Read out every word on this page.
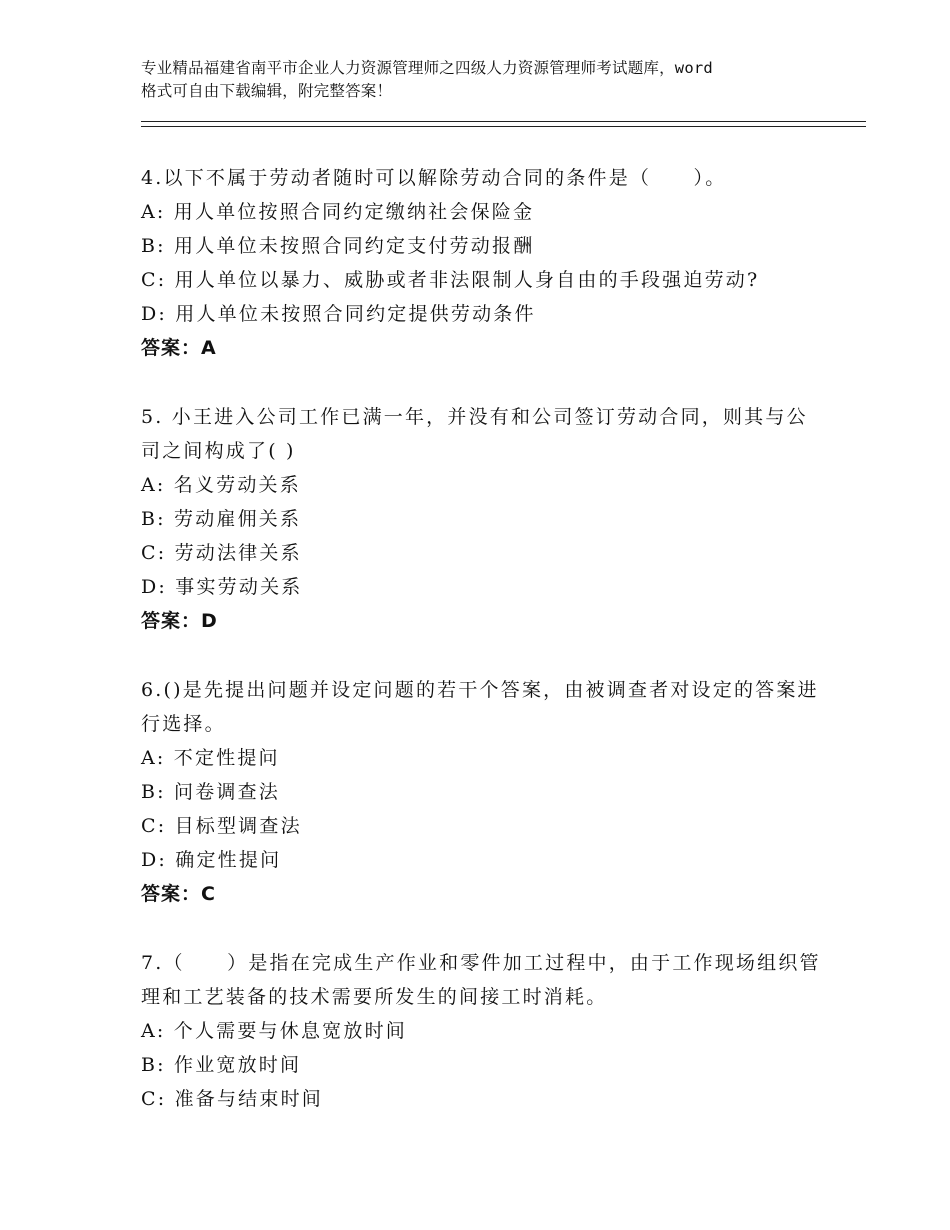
专业精品福建省南平市企业人力资源管理师之四级人力资源管理师考试题库，word
格式可自由下载编辑，附完整答案！
4.以下不属于劳动者随时可以解除劳动合同的条件是（　　）。
A: 用人单位按照合同约定缴纳社会保险金
B: 用人单位未按照合同约定支付劳动报酬
C: 用人单位以暴力、威胁或者非法限制人身自由的手段强迫劳动?
D: 用人单位未按照合同约定提供劳动条件
答案：A
5. 小王进入公司工作已满一年，并没有和公司签订劳动合同，则其与公司之间构成了( )
A: 名义劳动关系
B: 劳动雇佣关系
C: 劳动法律关系
D: 事实劳动关系
答案：D
6.()是先提出问题并设定问题的若干个答案，由被调查者对设定的答案进行选择。
A: 不定性提问
B: 问卷调查法
C: 目标型调查法
D: 确定性提问
答案：C
7.（　　）是指在完成生产作业和零件加工过程中，由于工作现场组织管理和工艺装备的技术需要所发生的间接工时消耗。
A: 个人需要与休息宽放时间
B: 作业宽放时间
C: 准备与结束时间
